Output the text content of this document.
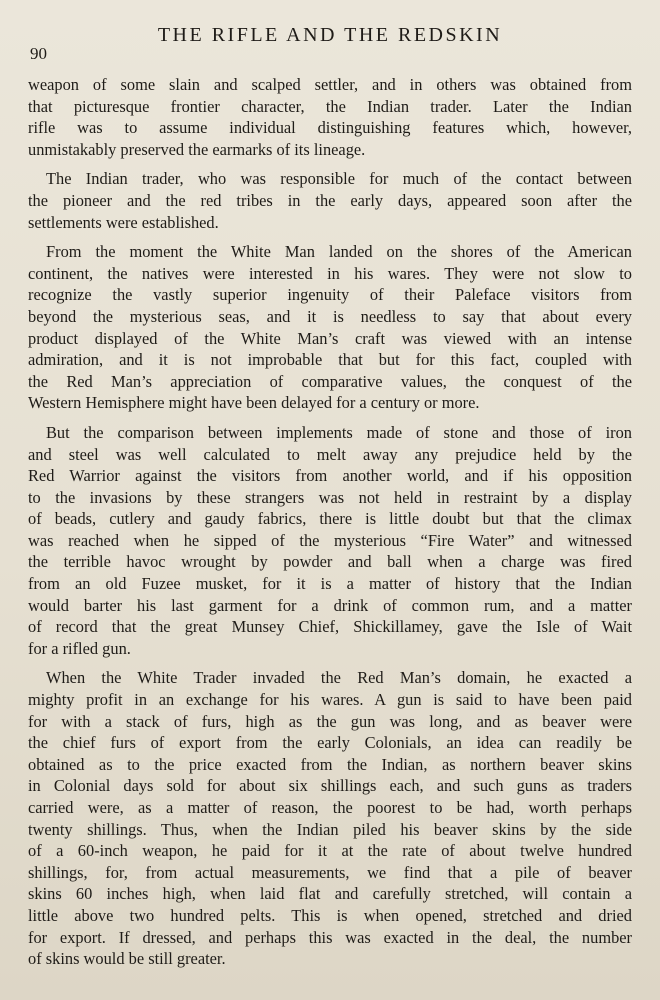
90
THE RIFLE AND THE REDSKIN
weapon of some slain and scalped settler, and in others was obtained from
that picturesque frontier character, the Indian trader. Later the Indian
rifle was to assume individual distinguishing features which, however,
unmistakably preserved the earmarks of its lineage.
The Indian trader, who was responsible for much of the contact between
the pioneer and the red tribes in the early days, appeared soon after the
settlements were established.
From the moment the White Man landed on the shores of the American
continent, the natives were interested in his wares. They were not slow to
recognize the vastly superior ingenuity of their Paleface visitors from
beyond the mysterious seas, and it is needless to say that about every
product displayed of the White Man’s craft was viewed with an intense
admiration, and it is not improbable that but for this fact, coupled with
the Red Man’s appreciation of comparative values, the conquest of the
Western Hemisphere might have been delayed for a century or more.
But the comparison between implements made of stone and those of iron
and steel was well calculated to melt away any prejudice held by the
Red Warrior against the visitors from another world, and if his opposition
to the invasions by these strangers was not held in restraint by a display
of beads, cutlery and gaudy fabrics, there is little doubt but that the climax
was reached when he sipped of the mysterious “Fire Water” and witnessed
the terrible havoc wrought by powder and ball when a charge was fired
from an old Fuzee musket, for it is a matter of history that the Indian
would barter his last garment for a drink of common rum, and a matter
of record that the great Munsey Chief, Shickillamey, gave the Isle of Wait
for a rifled gun.
When the White Trader invaded the Red Man’s domain, he exacted a
mighty profit in an exchange for his wares. A gun is said to have been paid
for with a stack of furs, high as the gun was long, and as beaver were
the chief furs of export from the early Colonials, an idea can readily be
obtained as to the price exacted from the Indian, as northern beaver skins
in Colonial days sold for about six shillings each, and such guns as traders
carried were, as a matter of reason, the poorest to be had, worth perhaps
twenty shillings. Thus, when the Indian piled his beaver skins by the side
of a 60-inch weapon, he paid for it at the rate of about twelve hundred
shillings, for, from actual measurements, we find that a pile of beaver
skins 60 inches high, when laid flat and carefully stretched, will contain a
little above two hundred pelts. This is when opened, stretched and dried
for export. If dressed, and perhaps this was exacted in the deal, the number
of skins would be still greater.
